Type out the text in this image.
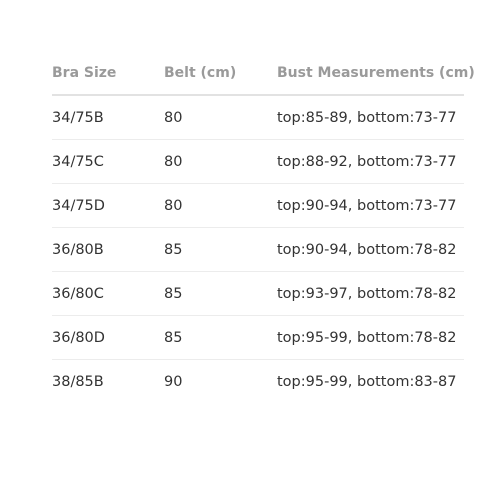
Bra Size	Belt (cm)	Bust Measurements (cm)
34/75B	80	top:85-89, bottom:73-77
34/75C	80	top:88-92, bottom:73-77
34/75D	80	top:90-94, bottom:73-77
36/80B	85	top:90-94, bottom:78-82
36/80C	85	top:93-97, bottom:78-82
36/80D	85	top:95-99, bottom:78-82
38/85B	90	top:95-99, bottom:83-87
